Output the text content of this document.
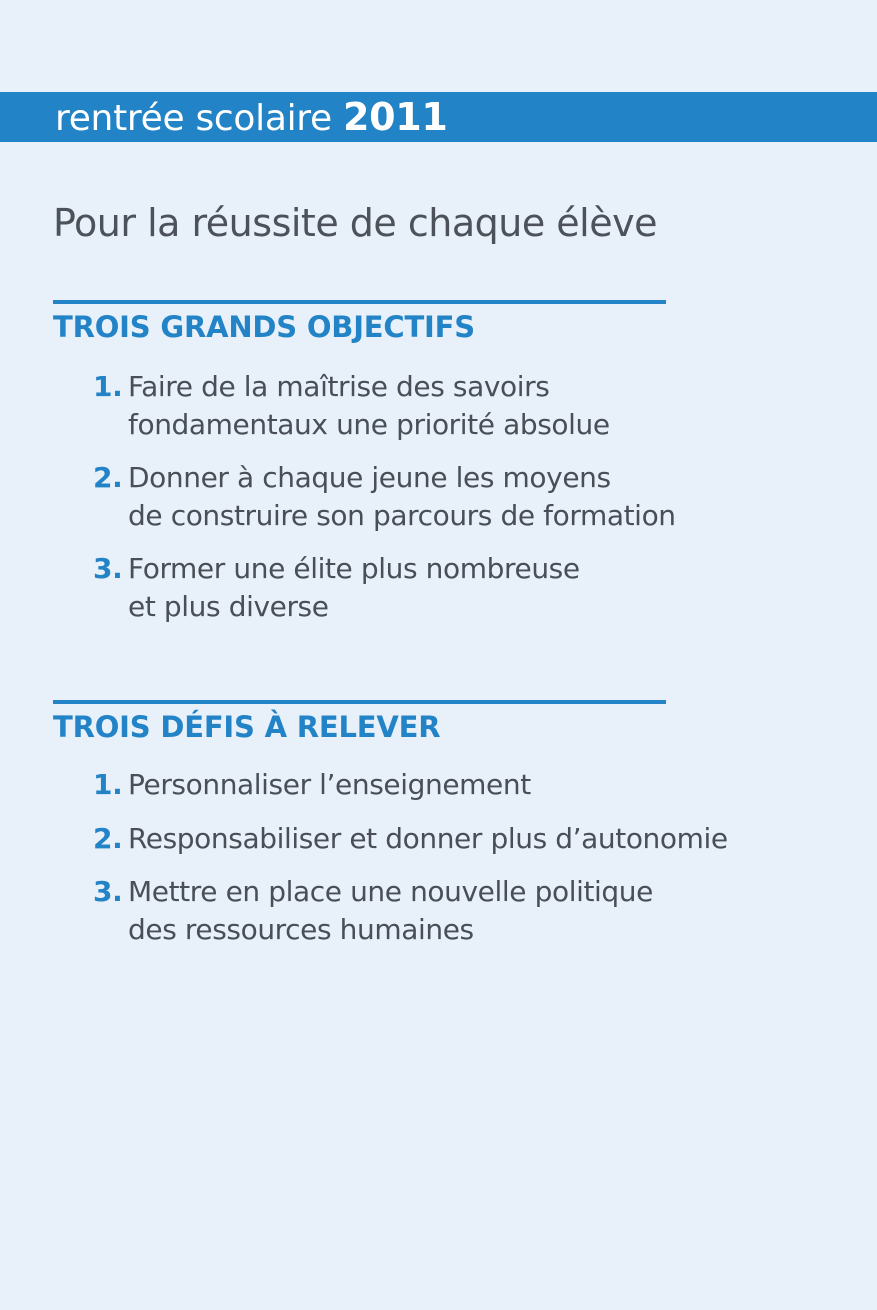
rentrée scolaire 2011
Pour la réussite de chaque élève
TROIS GRANDS OBJECTIFS
1. Faire de la maîtrise des savoirs
fondamentaux une priorité absolue
2. Donner à chaque jeune les moyens
de construire son parcours de formation
3. Former une élite plus nombreuse
et plus diverse
TROIS DÉFIS À RELEVER
1. Personnaliser l’enseignement
2. Responsabiliser et donner plus d’autonomie
3. Mettre en place une nouvelle politique
des ressources humaines
